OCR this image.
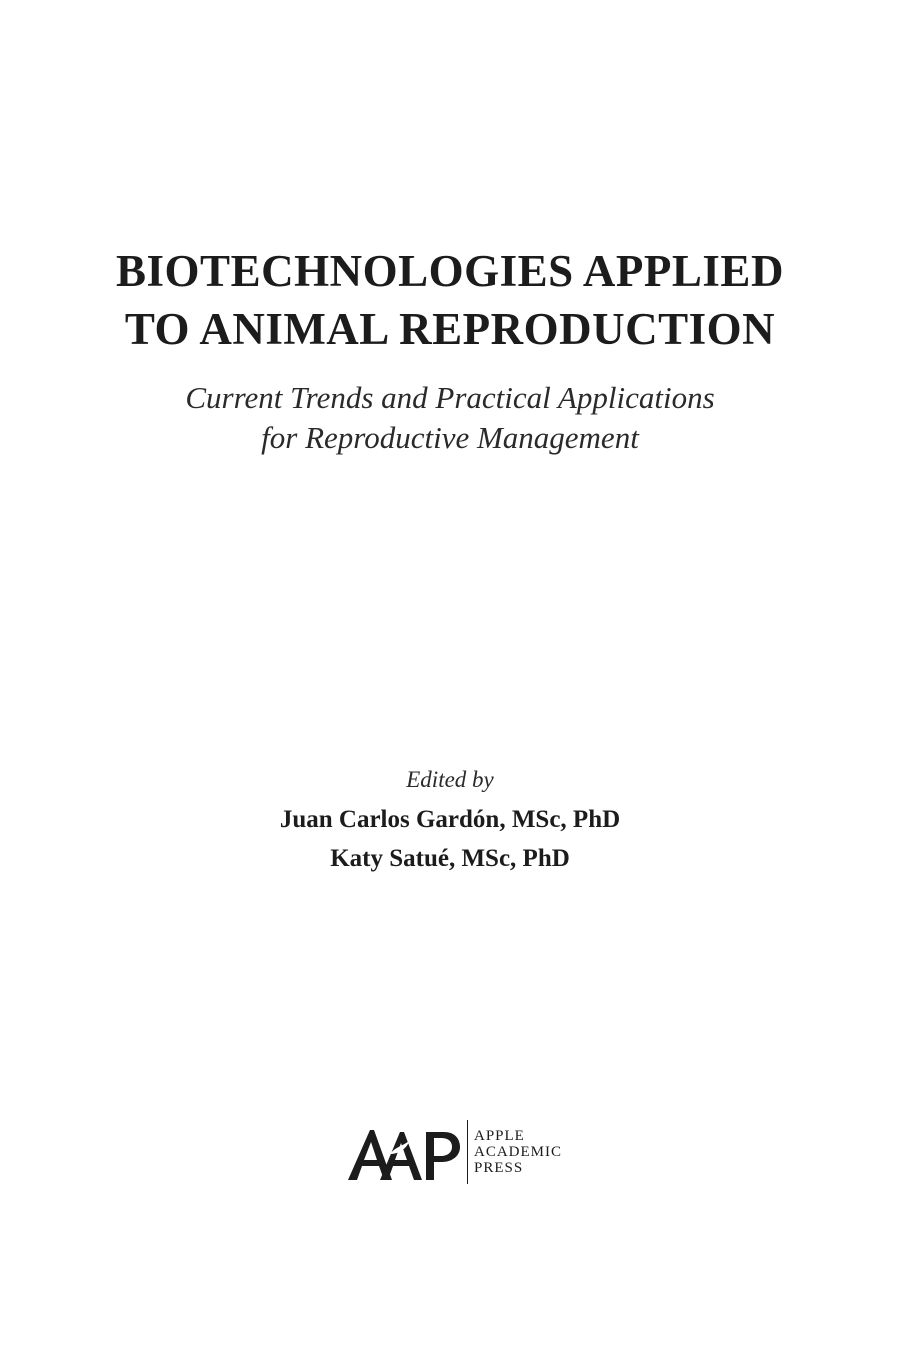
BIOTECHNOLOGIES APPLIED
TO ANIMAL REPRODUCTION

Current Trends and Practical Applications
for Reproductive Management

Edited by

Juan Carlos Gardón, MSc, PhD
Katy Satué, MSc, PhD

APPLE
ACADEMIC
PRESS
